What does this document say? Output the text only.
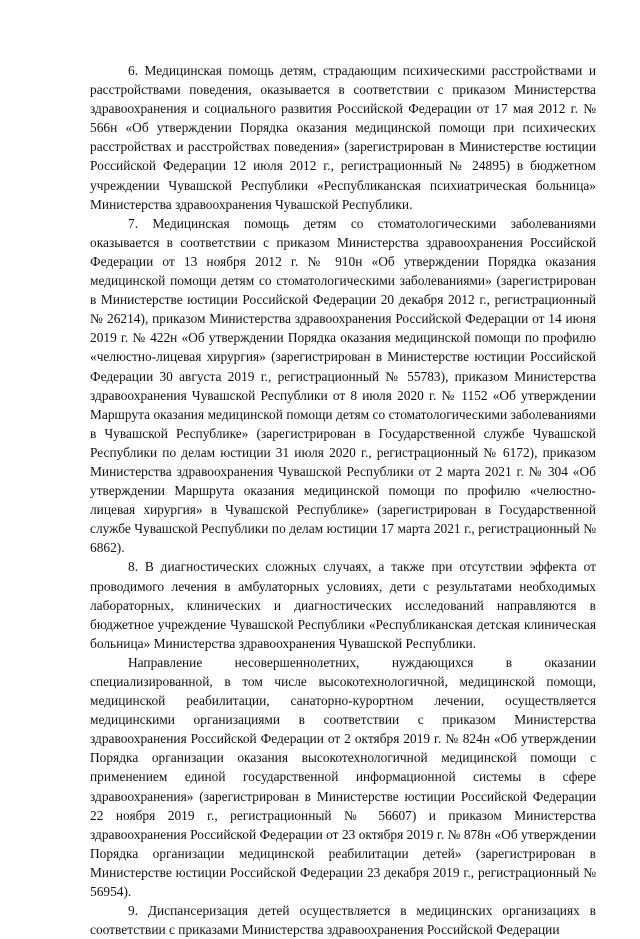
6. Медицинская помощь детям, страдающим психическими расстройствами и расстройствами поведения, оказывается в соответствии с приказом Министерства здравоохранения и социального развития Российской Федерации от 17 мая 2012 г. № 566н «Об утверждении Порядка оказания медицинской помощи при психических расстройствах и расстройствах поведения» (зарегистрирован в Министерстве юстиции Российской Федерации 12 июля 2012 г., регистрационный № 24895) в бюджетном учреждении Чувашской Республики «Республиканская психиатрическая больница» Министерства здравоохранения Чувашской Республики.

7. Медицинская помощь детям со стоматологическими заболеваниями оказывается в соответствии с приказом Министерства здравоохранения Российской Федерации от 13 ноября 2012 г. № 910н «Об утверждении Порядка оказания медицинской помощи детям со стоматологическими заболеваниями» (зарегистрирован в Министерстве юстиции Российской Федерации 20 декабря 2012 г., регистрационный № 26214), приказом Министерства здравоохранения Российской Федерации от 14 июня 2019 г. № 422н «Об утверждении Порядка оказания медицинской помощи по профилю «челюстно-лицевая хирургия» (зарегистрирован в Министерстве юстиции Российской Федерации 30 августа 2019 г., регистрационный № 55783), приказом Министерства здравоохранения Чувашской Республики от 8 июля 2020 г. № 1152 «Об утверждении Маршрута оказания медицинской помощи детям со стоматологическими заболеваниями в Чувашской Республике» (зарегистрирован в Государственной службе Чувашской Республики по делам юстиции 31 июля 2020 г., регистрационный № 6172), приказом Министерства здравоохранения Чувашской Республики от 2 марта 2021 г. № 304 «Об утверждении Маршрута оказания медицинской помощи по профилю «челюстно-лицевая хирургия» в Чувашской Республике» (зарегистрирован в Государственной службе Чувашской Республики по делам юстиции 17 марта 2021 г., регистрационный № 6862).

8. В диагностических сложных случаях, а также при отсутствии эффекта от проводимого лечения в амбулаторных условиях, дети с результатами необходимых лабораторных, клинических и диагностических исследований направляются в бюджетное учреждение Чувашской Республики «Республиканская детская клиническая больница» Министерства здравоохранения Чувашской Республики.

Направление несовершеннолетних, нуждающихся в оказании специализированной, в том числе высокотехнологичной, медицинской помощи, медицинской реабилитации, санаторно-курортном лечении, осуществляется медицинскими организациями в соответствии с приказом Министерства здравоохранения Российской Федерации от 2 октября 2019 г. № 824н «Об утверждении Порядка организации оказания высокотехнологичной медицинской помощи с применением единой государственной информационной системы в сфере здравоохранения» (зарегистрирован в Министерстве юстиции Российской Федерации 22 ноября 2019 г., регистрационный № 56607) и приказом Министерства здравоохранения Российской Федерации от 23 октября 2019 г. № 878н «Об утверждении Порядка организации медицинской реабилитации детей» (зарегистрирован в Министерстве юстиции Российской Федерации 23 декабря 2019 г., регистрационный № 56954).

9. Диспансеризация детей осуществляется в медицинских организациях в соответствии с приказами Министерства здравоохранения Российской Федерации
